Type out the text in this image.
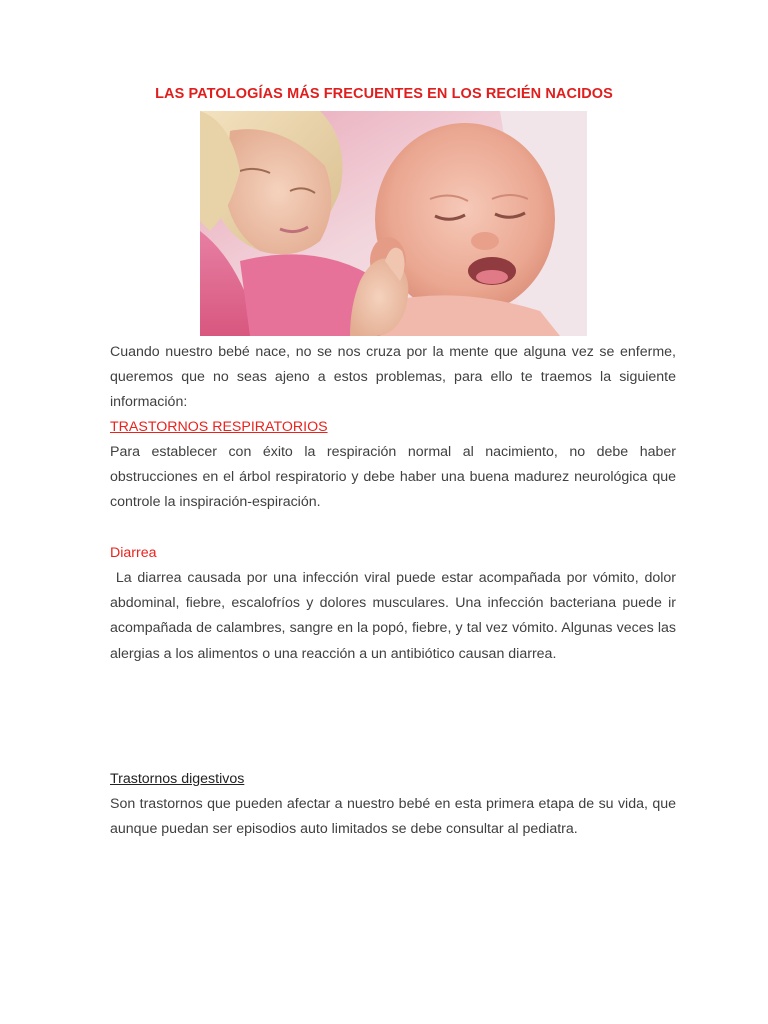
LAS PATOLOGÍAS MÁS FRECUENTES EN LOS RECIÉN NACIDOS
Cuando nuestro bebé nace, no se nos cruza por la mente que alguna vez se enferme, queremos que no seas ajeno a estos problemas, para ello te traemos la siguiente información:
TRASTORNOS RESPIRATORIOS
Para establecer con éxito la respiración normal al nacimiento, no debe haber obstrucciones en el árbol respiratorio y debe haber una buena madurez neurológica que controle la inspiración-espiración.
Diarrea
La diarrea causada por una infección viral puede estar acompañada por vómito, dolor abdominal, fiebre, escalofríos y dolores musculares. Una infección bacteriana puede ir acompañada de calambres, sangre en la popó, fiebre, y tal vez vómito. Algunas veces las alergias a los alimentos o una reacción a un antibiótico causan diarrea.
Trastornos digestivos
Son trastornos que pueden afectar a nuestro bebé en esta primera etapa de su vida, que aunque puedan ser episodios auto limitados se debe consultar al pediatra.
